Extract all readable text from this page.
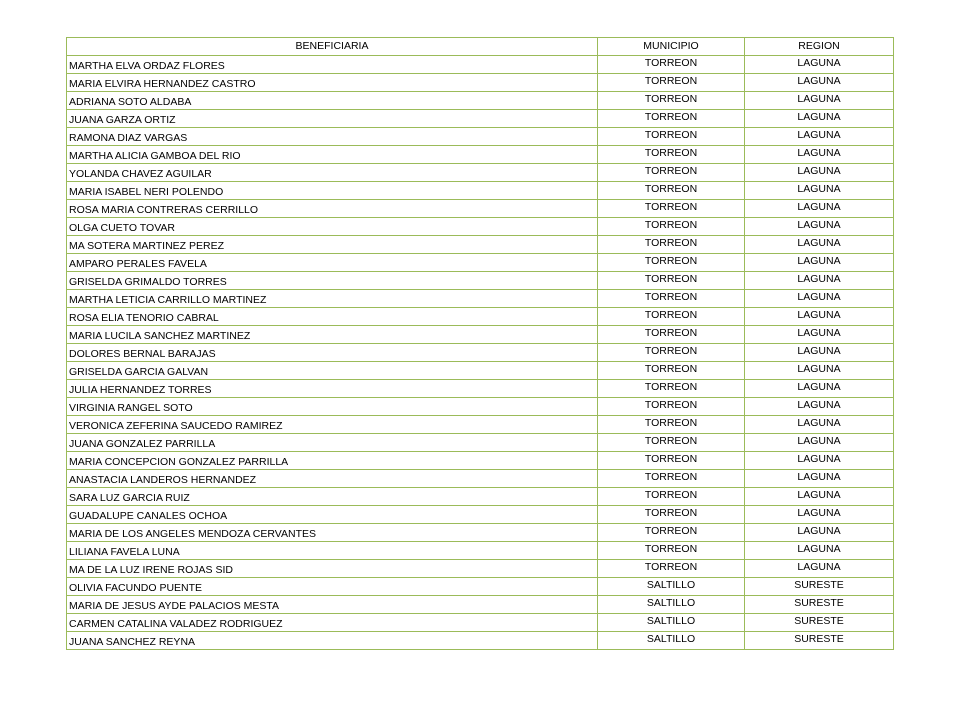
BENEFICIARIA	MUNICIPIO	REGION
MARTHA ELVA ORDAZ FLORES	TORREON	LAGUNA
MARIA ELVIRA HERNANDEZ CASTRO	TORREON	LAGUNA
ADRIANA SOTO ALDABA	TORREON	LAGUNA
JUANA GARZA ORTIZ	TORREON	LAGUNA
RAMONA DIAZ VARGAS	TORREON	LAGUNA
MARTHA ALICIA GAMBOA DEL RIO	TORREON	LAGUNA
YOLANDA CHAVEZ AGUILAR	TORREON	LAGUNA
MARIA ISABEL NERI POLENDO	TORREON	LAGUNA
ROSA MARIA CONTRERAS CERRILLO	TORREON	LAGUNA
OLGA CUETO TOVAR	TORREON	LAGUNA
MA SOTERA MARTINEZ PEREZ	TORREON	LAGUNA
AMPARO PERALES FAVELA	TORREON	LAGUNA
GRISELDA GRIMALDO TORRES	TORREON	LAGUNA
MARTHA LETICIA CARRILLO MARTINEZ	TORREON	LAGUNA
ROSA ELIA TENORIO CABRAL	TORREON	LAGUNA
MARIA LUCILA SANCHEZ MARTINEZ	TORREON	LAGUNA
DOLORES BERNAL BARAJAS	TORREON	LAGUNA
GRISELDA GARCIA GALVAN	TORREON	LAGUNA
JULIA HERNANDEZ TORRES	TORREON	LAGUNA
VIRGINIA RANGEL SOTO	TORREON	LAGUNA
VERONICA ZEFERINA SAUCEDO RAMIREZ	TORREON	LAGUNA
JUANA GONZALEZ PARRILLA	TORREON	LAGUNA
MARIA CONCEPCION GONZALEZ PARRILLA	TORREON	LAGUNA
ANASTACIA LANDEROS HERNANDEZ	TORREON	LAGUNA
SARA LUZ GARCIA RUIZ	TORREON	LAGUNA
GUADALUPE CANALES OCHOA	TORREON	LAGUNA
MARIA DE LOS ANGELES MENDOZA CERVANTES	TORREON	LAGUNA
LILIANA FAVELA LUNA	TORREON	LAGUNA
MA DE LA LUZ IRENE ROJAS SID	TORREON	LAGUNA
OLIVIA FACUNDO PUENTE	SALTILLO	SURESTE
MARIA DE JESUS AYDE PALACIOS MESTA	SALTILLO	SURESTE
CARMEN CATALINA VALADEZ RODRIGUEZ	SALTILLO	SURESTE
JUANA SANCHEZ REYNA	SALTILLO	SURESTE
